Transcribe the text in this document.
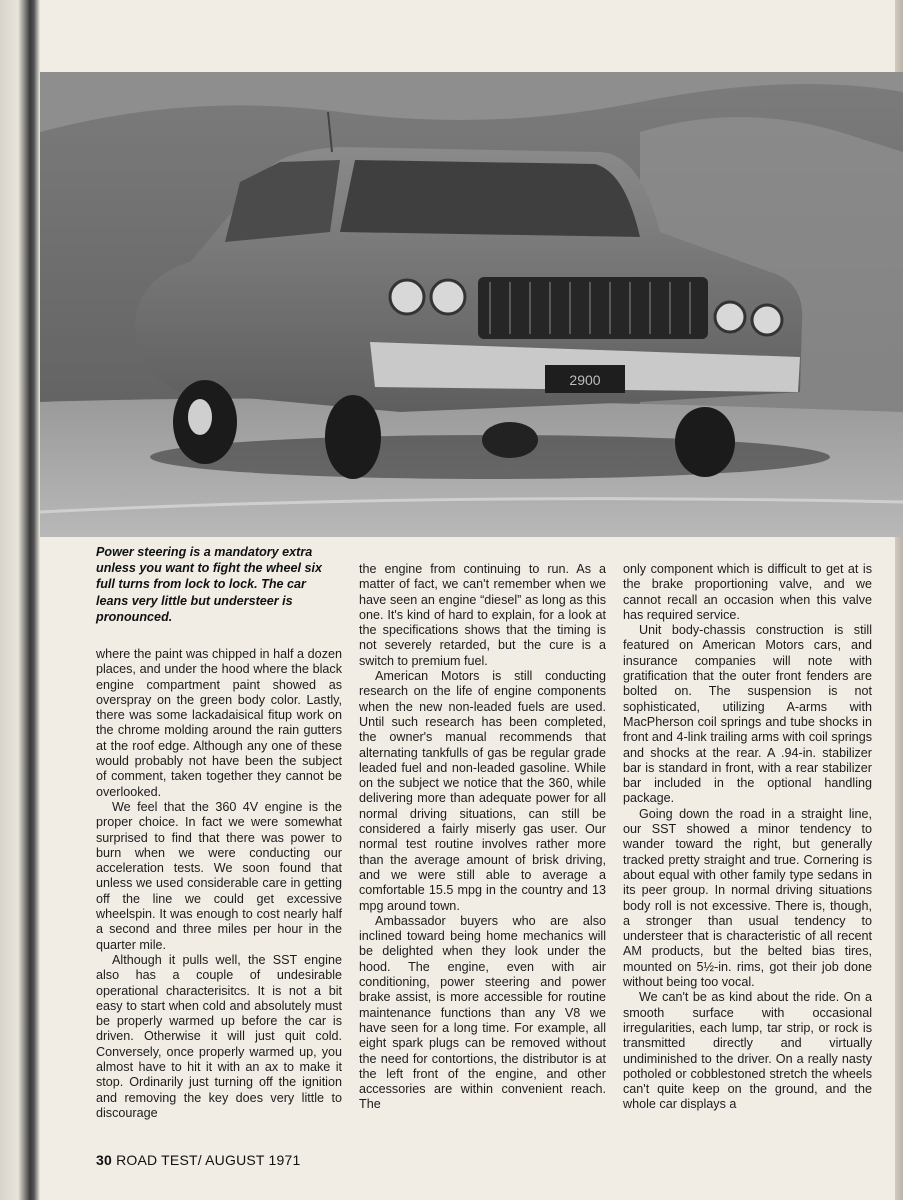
2900
Power steering is a mandatory extra unless you want to fight the wheel six full turns from lock to lock. The car leans very little but understeer is pronounced.

where the paint was chipped in half a dozen places, and under the hood where the black engine compartment paint showed as overspray on the green body color. Lastly, there was some lackadaisical fitup work on the chrome molding around the rain gutters at the roof edge. Although any one of these would probably not have been the subject of comment, taken together they cannot be overlooked.

We feel that the 360 4V engine is the proper choice. In fact we were somewhat surprised to find that there was power to burn when we were conducting our acceleration tests. We soon found that unless we used considerable care in getting off the line we could get excessive wheelspin. It was enough to cost nearly half a second and three miles per hour in the quarter mile.

Although it pulls well, the SST engine also has a couple of undesirable operational characterisitcs. It is not a bit easy to start when cold and absolutely must be properly warmed up before the car is driven. Otherwise it will just quit cold. Conversely, once properly warmed up, you almost have to hit it with an ax to make it stop. Ordinarily just turning off the ignition and removing the key does very little to discourage

the engine from continuing to run. As a matter of fact, we can't remember when we have seen an engine “diesel” as long as this one. It's kind of hard to explain, for a look at the specifications shows that the timing is not severely retarded, but the cure is a switch to premium fuel.

American Motors is still conducting research on the life of engine components when the new non-leaded fuels are used. Until such research has been completed, the owner's manual recommends that alternating tankfulls of gas be regular grade leaded fuel and non-leaded gasoline. While on the subject we notice that the 360, while delivering more than adequate power for all normal driving situations, can still be considered a fairly miserly gas user. Our normal test routine involves rather more than the average amount of brisk driving, and we were still able to average a comfortable 15.5 mpg in the country and 13 mpg around town.

Ambassador buyers who are also inclined toward being home mechanics will be delighted when they look under the hood. The engine, even with air conditioning, power steering and power brake assist, is more accessible for routine maintenance functions than any V8 we have seen for a long time. For example, all eight spark plugs can be removed without the need for contortions, the distributor is at the left front of the engine, and other accessories are within convenient reach. The

only component which is difficult to get at is the brake proportioning valve, and we cannot recall an occasion when this valve has required service.

Unit body-chassis construction is still featured on American Motors cars, and insurance companies will note with gratification that the outer front fenders are bolted on. The suspension is not sophisticated, utilizing A-arms with MacPherson coil springs and tube shocks in front and 4-link trailing arms with coil springs and shocks at the rear. A .94-in. stabilizer bar is standard in front, with a rear stabilizer bar included in the optional handling package.

Going down the road in a straight line, our SST showed a minor tendency to wander toward the right, but generally tracked pretty straight and true. Cornering is about equal with other family type sedans in its peer group. In normal driving situations body roll is not excessive. There is, though, a stronger than usual tendency to understeer that is characteristic of all recent AM products, but the belted bias tires, mounted on 5½-in. rims, got their job done without being too vocal.

We can't be as kind about the ride. On a smooth surface with occasional irregularities, each lump, tar strip, or rock is transmitted directly and virtually undiminished to the driver. On a really nasty potholed or cobblestoned stretch the wheels can't quite keep on the ground, and the whole car displays a

30 ROAD TEST/ AUGUST 1971
